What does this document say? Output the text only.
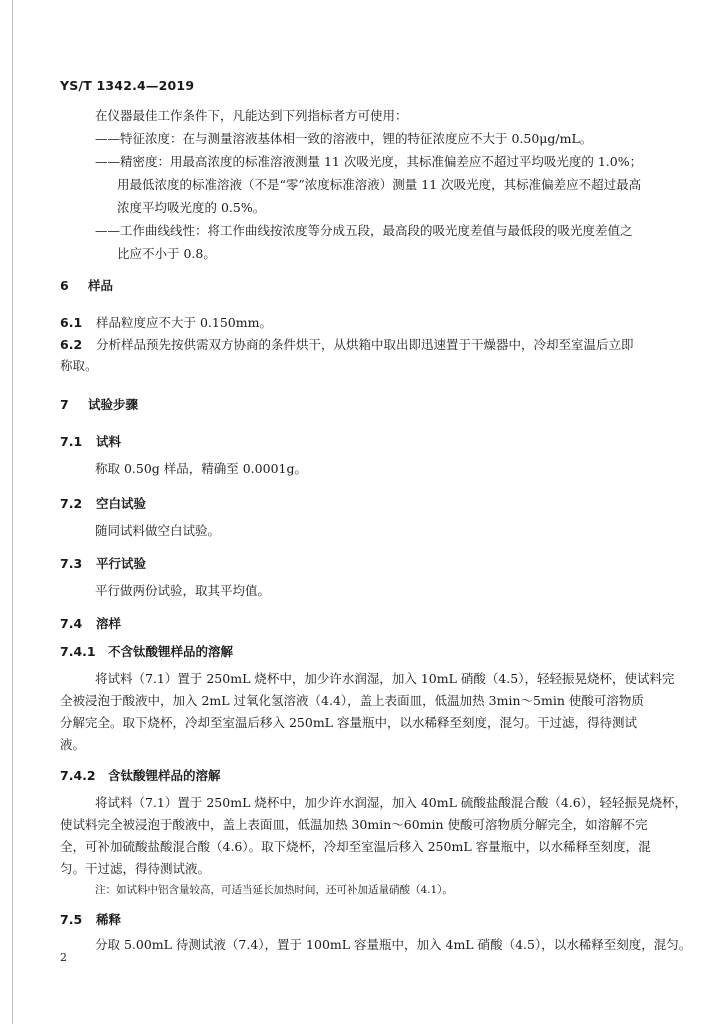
YS/T 1342.4—2019
在仪器最佳工作条件下，凡能达到下列指标者方可使用：
——特征浓度：在与测量溶液基体相一致的溶液中，锂的特征浓度应不大于 0.50μg/mL。
——精密度：用最高浓度的标准溶液测量 11 次吸光度，其标准偏差应不超过平均吸光度的 1.0%；
用最低浓度的标准溶液（不是“零”浓度标准溶液）测量 11 次吸光度，其标准偏差应不超过最高
浓度平均吸光度的 0.5%。
——工作曲线线性：将工作曲线按浓度等分成五段，最高段的吸光度差值与最低段的吸光度差值之
比应不小于 0.8。
6 样品
6.1 样品粒度应不大于 0.150mm。
6.2 分析样品预先按供需双方协商的条件烘干，从烘箱中取出即迅速置于干燥器中，冷却至室温后立即
称取。
7 试验步骤
7.1 试料
称取 0.50g 样品，精确至 0.0001g。
7.2 空白试验
随同试料做空白试验。
7.3 平行试验
平行做两份试验，取其平均值。
7.4 溶样
7.4.1 不含钛酸锂样品的溶解
将试料（7.1）置于 250mL 烧杯中，加少许水润湿，加入 10mL 硝酸（4.5），轻轻振晃烧杯，使试料完
全被浸泡于酸液中，加入 2mL 过氧化氢溶液（4.4），盖上表面皿，低温加热 3min～5min 使酸可溶物质
分解完全。取下烧杯，冷却至室温后移入 250mL 容量瓶中，以水稀释至刻度，混匀。干过滤，得待测试
液。
7.4.2 含钛酸锂样品的溶解
将试料（7.1）置于 250mL 烧杯中，加少许水润湿，加入 40mL 硫酸盐酸混合酸（4.6），轻轻振晃烧杯，
使试料完全被浸泡于酸液中，盖上表面皿，低温加热 30min～60min 使酸可溶物质分解完全，如溶解不完
全，可补加硫酸盐酸混合酸（4.6）。取下烧杯，冷却至室温后移入 250mL 容量瓶中，以水稀释至刻度，混
匀。干过滤，得待测试液。
注：如试料中铝含量较高，可适当延长加热时间，还可补加适量硝酸（4.1）。
7.5 稀释
分取 5.00mL 待测试液（7.4），置于 100mL 容量瓶中，加入 4mL 硝酸（4.5），以水稀释至刻度，混匀。
2
